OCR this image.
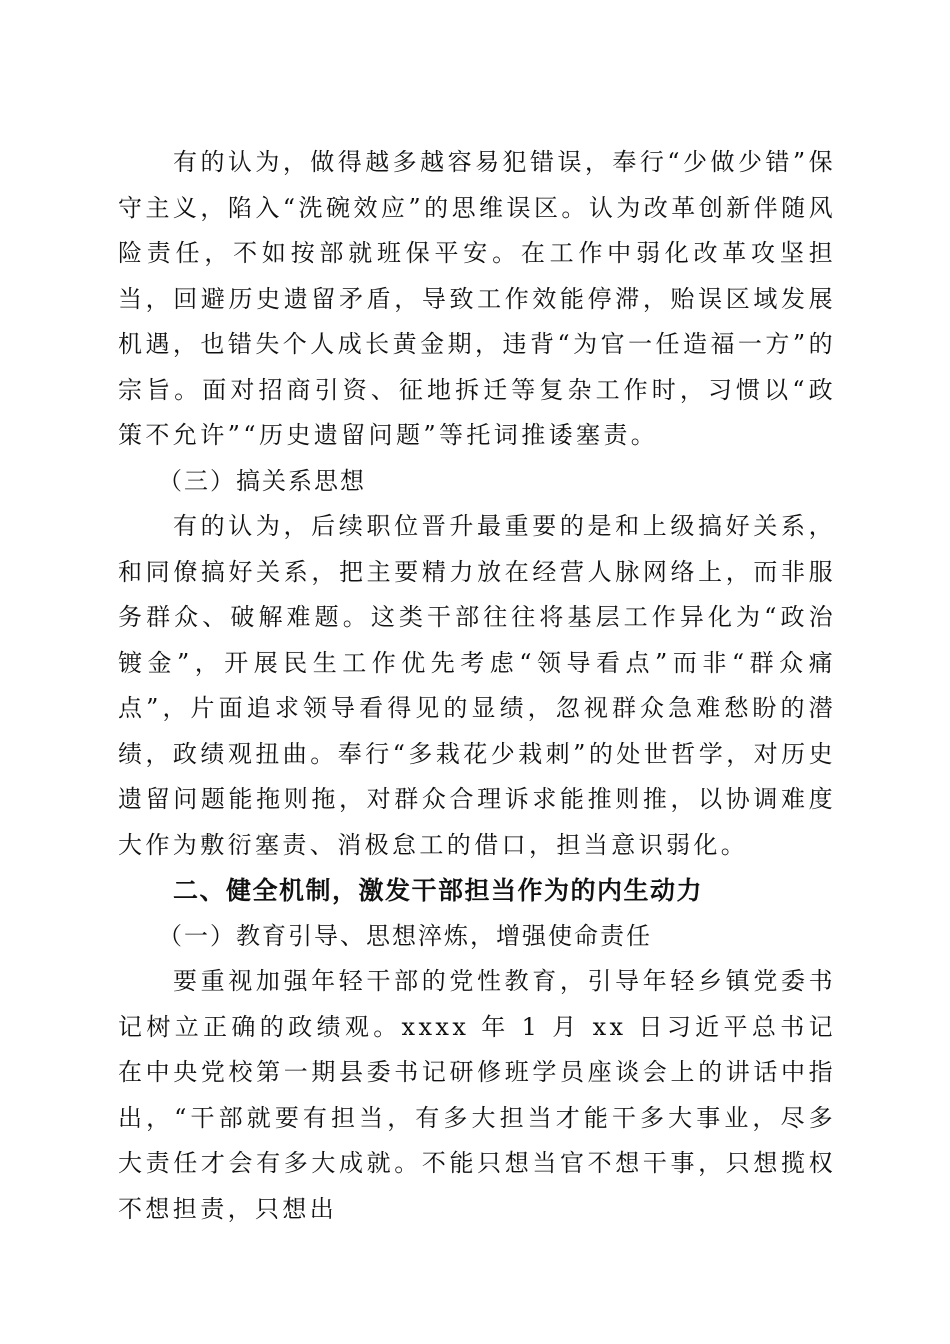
有的认为，做得越多越容易犯错误，奉行“少做少错”保守主义，陷入“洗碗效应”的思维误区。认为改革创新伴随风险责任，不如按部就班保平安。在工作中弱化改革攻坚担当，回避历史遗留矛盾，导致工作效能停滞，贻误区域发展机遇，也错失个人成长黄金期，违背“为官一任造福一方”的宗旨。面对招商引资、征地拆迁等复杂工作时，习惯以“政策不允许”“历史遗留问题”等托词推诿塞责。

（三）搞关系思想

有的认为，后续职位晋升最重要的是和上级搞好关系，和同僚搞好关系，把主要精力放在经营人脉网络上，而非服务群众、破解难题。这类干部往往将基层工作异化为“政治镀金”，开展民生工作优先考虑“领导看点”而非“群众痛点”，片面追求领导看得见的显绩，忽视群众急难愁盼的潜绩，政绩观扭曲。奉行“多栽花少栽刺”的处世哲学，对历史遗留问题能拖则拖，对群众合理诉求能推则推，以协调难度大作为敷衍塞责、消极怠工的借口，担当意识弱化。

二、健全机制，激发干部担当作为的内生动力

（一）教育引导、思想淬炼，增强使命责任

要重视加强年轻干部的党性教育，引导年轻乡镇党委书记树立正确的政绩观。xxxx 年 1 月 xx 日习近平总书记在中央党校第一期县委书记研修班学员座谈会上的讲话中指出，“干部就要有担当，有多大担当才能干多大事业，尽多大责任才会有多大成就。不能只想当官不想干事，只想揽权不想担责，只想出
